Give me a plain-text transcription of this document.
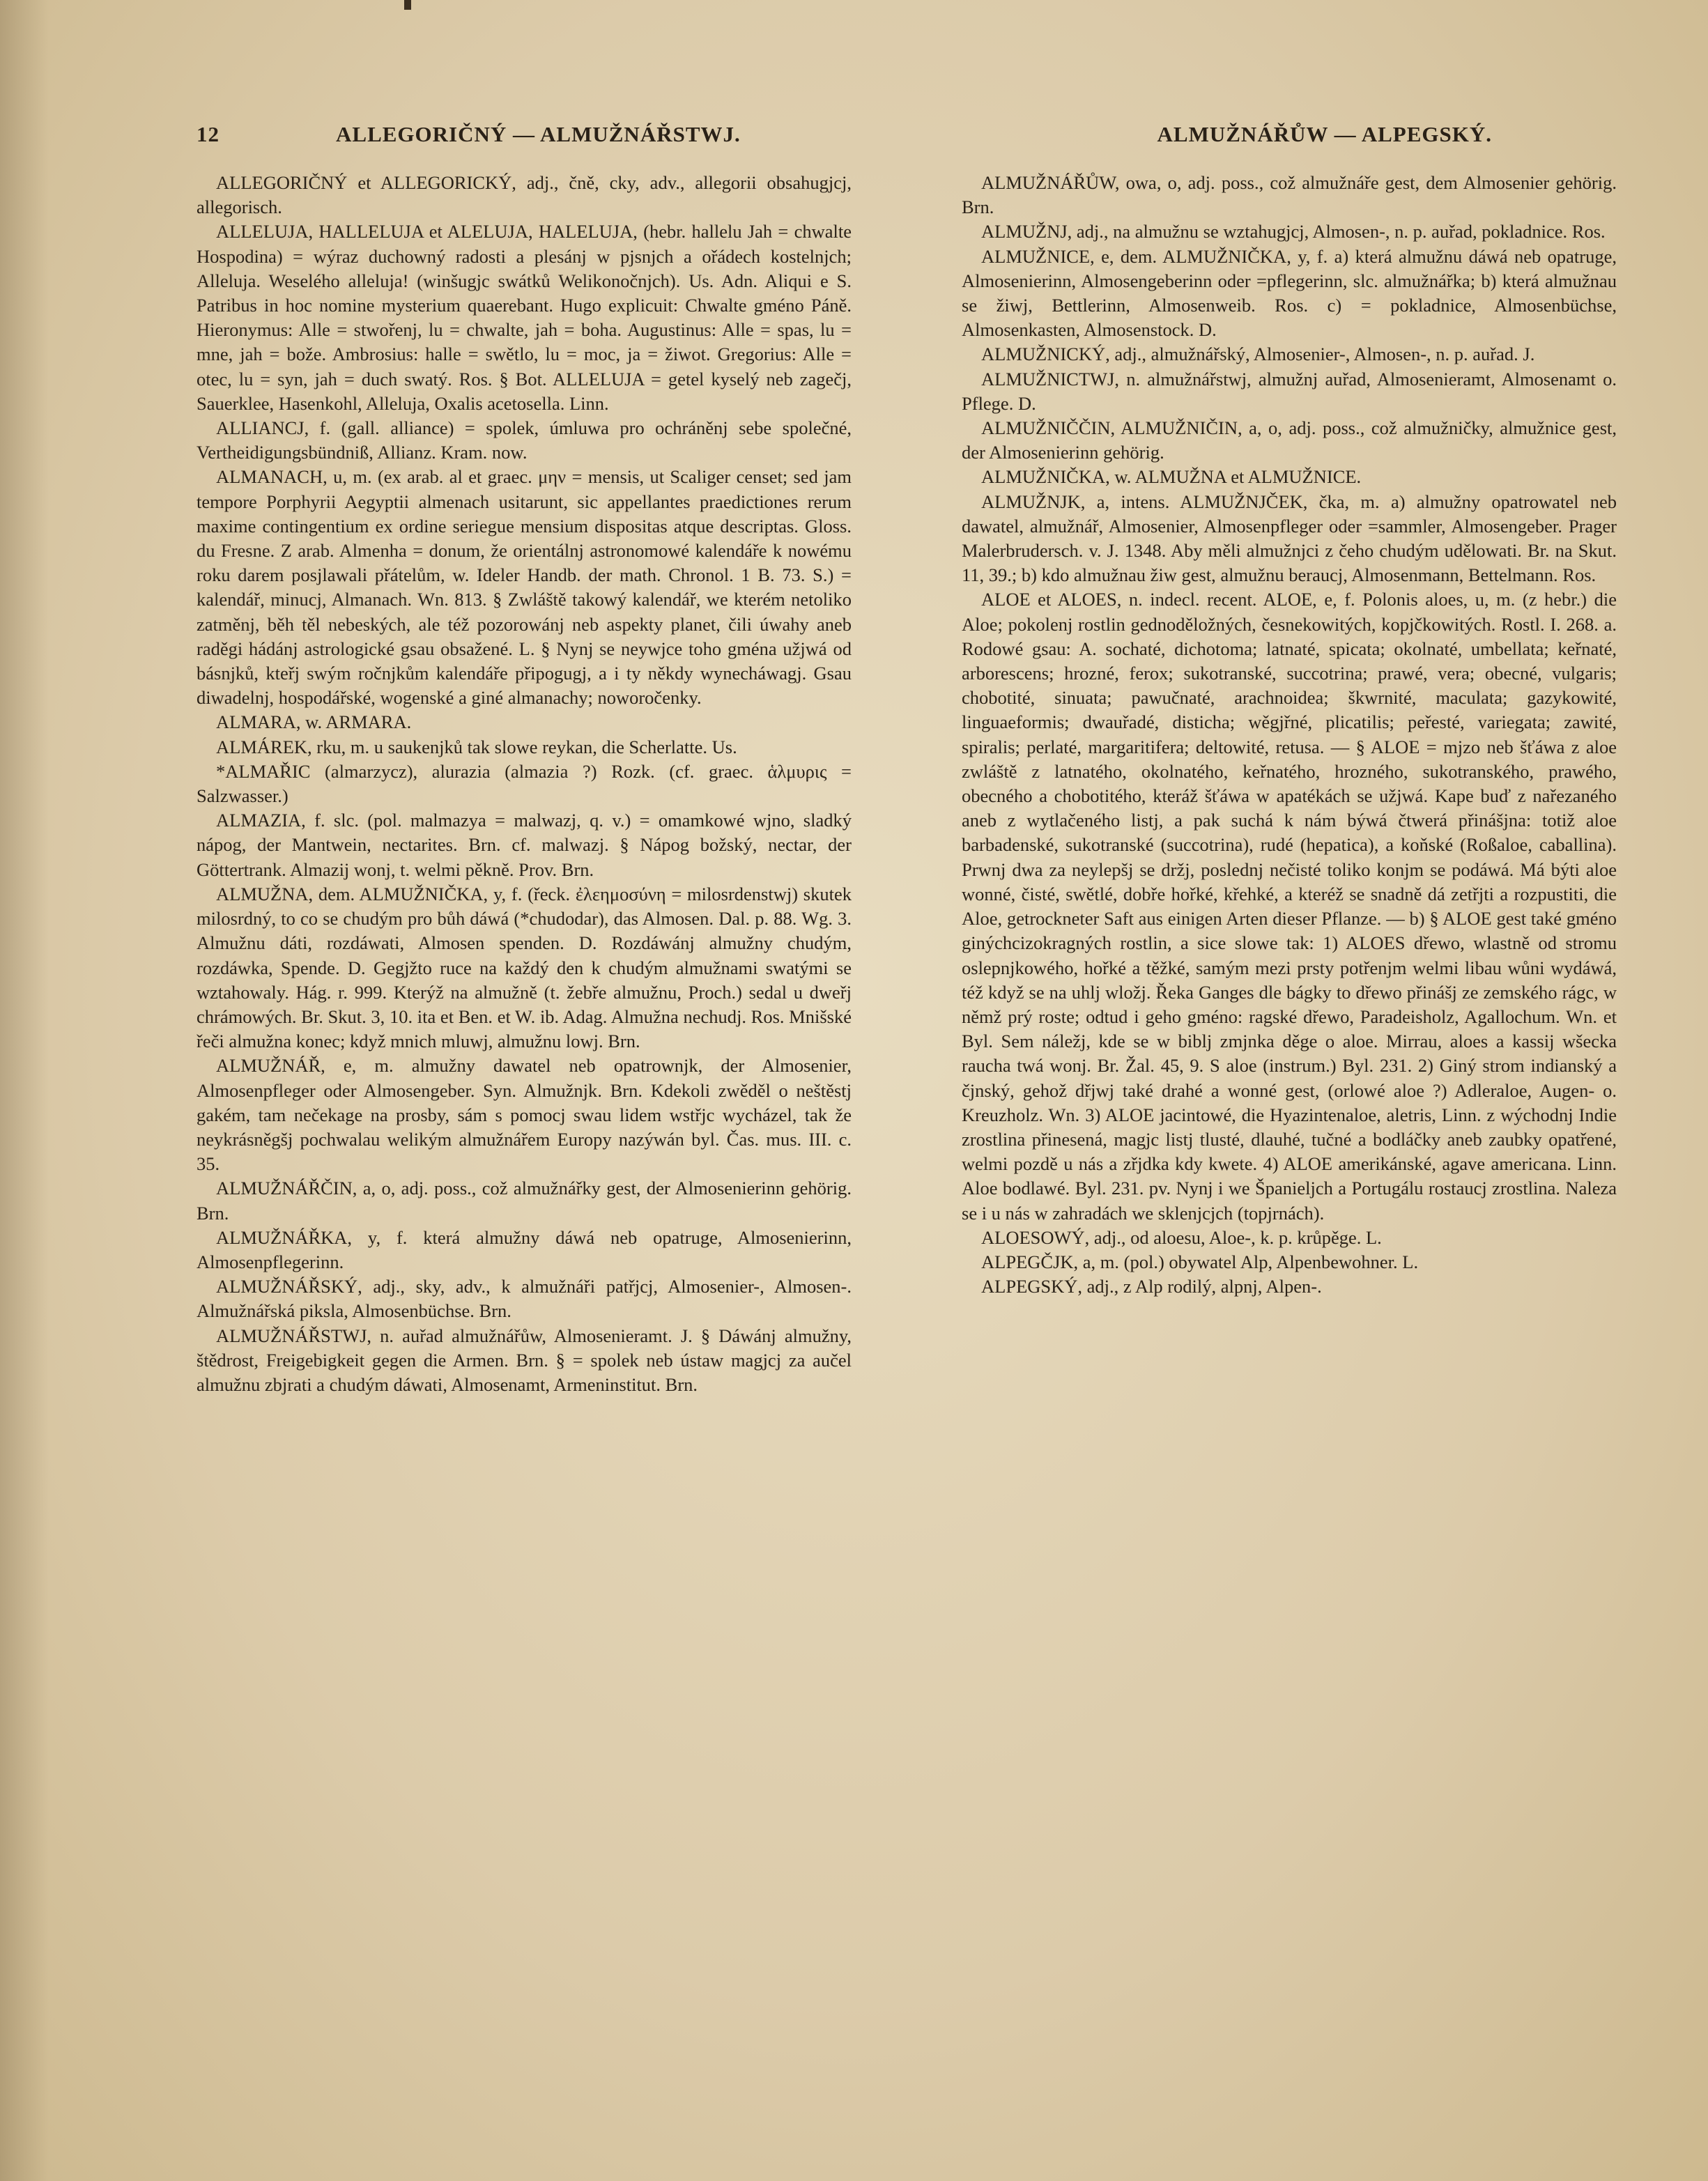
12	ALLEGORIČNÝ — ALMUŽNÁŘSTWJ.	ALMUŽNÁŘŮW — ALPEGSKÝ.

ALLEGORIČNÝ et ALLEGORICKÝ, adj., čně, cky, adv., allegorii obsahugjcj, allegorisch.

ALLELUJA, HALLELUJA et ALELUJA, HALELUJA, (hebr. hallelu Jah = chwalte Hospodina) = wýraz duchowný radosti a plesánj w pjsnjch a ořádech kostelnjch; Alleluja. Weselého alleluja! (winšugjc swátků Welikonočnjch). Us. Adn. Aliqui e S. Patribus in hoc nomine mysterium quaerebant. Hugo explicuit: Chwalte gméno Páně. Hieronymus: Alle = stwořenj, lu = chwalte, jah = boha. Augustinus: Alle = spas, lu = mne, jah = bože. Ambrosius: halle = swětlo, lu = moc, ja = žiwot. Gregorius: Alle = otec, lu = syn, jah = duch swatý. Ros. § Bot. ALLELUJA = getel kyselý neb zagečj, Sauerklee, Hasenkohl, Alleluja, Oxalis acetosella. Linn.

ALLIANCJ, f. (gall. alliance) = spolek, úmluwa pro ochráněnj sebe společné, Vertheidigungsbündniß, Allianz. Kram. now.

ALMANACH, u, m. (ex arab. al et graec. μην = mensis, ut Scaliger censet; sed jam tempore Porphyrii Aegyptii almenach usitarunt, sic appellantes praedictiones rerum maxime contingentium ex ordine seriegue mensium dispositas atque descriptas. Gloss. du Fresne. Z arab. Almenha = donum, že orientálnj astronomowé kalendáře k nowému roku darem posjlawali přátelům, w. Ideler Handb. der math. Chronol. 1 B. 73. S.) = kalendář, minucj, Almanach. Wn. 813. § Zwláště takowý kalendář, we kterém netoliko zatměnj, běh těl nebeských, ale též pozorowánj neb aspekty planet, čili úwahy aneb raděgi hádánj astrologické gsau obsažené. L. § Nynj se neywjce toho gména užjwá od básnjků, kteřj swým ročnjkům kalendáře připogugj, a i ty někdy wynecháwagj. Gsau diwadelnj, hospodářské, wogenské a giné almanachy; noworočenky.

ALMARA, w. ARMARA.

ALMÁREK, rku, m. u saukenjků tak slowe reykan, die Scherlatte. Us.

*ALMAŘIC (almarzycz), alurazia (almazia ?) Rozk. (cf. graec. ἁλμυρις = Salzwasser.)

ALMAZIA, f. slc. (pol. malmazya = malwazj, q. v.) = omamkowé wjno, sladký nápog, der Mantwein, nectarites. Brn. cf. malwazj. § Nápog božský, nectar, der Göttertrank. Almazij wonj, t. welmi pěkně. Prov. Brn.

ALMUŽNA, dem. ALMUŽNIČKA, y, f. (řeck. ἐλεημοσύνη = milosrdenstwj) skutek milosrdný, to co se chudým pro bůh dáwá (*chudodar), das Almosen. Dal. p. 88. Wg. 3. Almužnu dáti, rozdáwati, Almosen spenden. D. Rozdáwánj almužny chudým, rozdáwka, Spende. D. Gegjžto ruce na každý den k chudým almužnami swatými se wztahowaly. Hág. r. 999. Kterýž na almužně (t. žebře almužnu, Proch.) sedal u dweřj chrámowých. Br. Skut. 3, 10. ita et Ben. et W. ib. Adag. Almužna nechudj. Ros. Mnišské řeči almužna konec; když mnich mluwj, almužnu lowj. Brn.

ALMUŽNÁŘ, e, m. almužny dawatel neb opatrownjk, der Almosenier, Almosenpfleger oder Almosengeber. Syn. Almužnjk. Brn. Kdekoli zwěděl o neštěstj gakém, tam nečekage na prosby, sám s pomocj swau lidem wstřjc wycházel, tak že neykrásněgšj pochwalau welikým almužnářem Europy nazýwán byl. Čas. mus. III. c. 35.

ALMUŽNÁŘČIN, a, o, adj. poss., což almužnářky gest, der Almosenierinn gehörig. Brn.

ALMUŽNÁŘKA, y, f. která almužny dáwá neb opatruge, Almosenierinn, Almosenpflegerinn.

ALMUŽNÁŘSKÝ, adj., sky, adv., k almužnáři patřjcj, Almosenier-, Almosen-. Almužnářská piksla, Almosenbüchse. Brn.

ALMUŽNÁŘSTWJ, n. auřad almužnářůw, Almosenieramt. J. § Dáwánj almužny, štědrost, Freigebigkeit gegen die Armen. Brn. § = spolek neb ústaw magjcj za aučel almužnu zbjrati a chudým dáwati, Almosenamt, Armeninstitut. Brn.

ALMUŽNÁŘŮW, owa, o, adj. poss., což almužnáře gest, dem Almosenier gehörig. Brn.

ALMUŽNJ, adj., na almužnu se wztahugjcj, Almosen-, n. p. auřad, pokladnice. Ros.

ALMUŽNICE, e, dem. ALMUŽNIČKA, y, f. a) která almužnu dáwá neb opatruge, Almosenierinn, Almosengeberinn oder =pflegerinn, slc. almužnářka; b) která almužnau se žiwj, Bettlerinn, Almosenweib. Ros. c) = pokladnice, Almosenbüchse, Almosenkasten, Almosenstock. D.

ALMUŽNICKÝ, adj., almužnářský, Almosenier-, Almosen-, n. p. auřad. J.

ALMUŽNICTWJ, n. almužnářstwj, almužnj auřad, Almosenieramt, Almosenamt o. Pflege. D.

ALMUŽNIČČIN, ALMUŽNIČIN, a, o, adj. poss., což almužničky, almužnice gest, der Almosenierinn gehörig.

ALMUŽNIČKA, w. ALMUŽNA et ALMUŽNICE.

ALMUŽNJK, a, intens. ALMUŽNJČEK, čka, m. a) almužny opatrowatel neb dawatel, almužnář, Almosenier, Almosenpfleger oder =sammler, Almosengeber. Prager Malerbrudersch. v. J. 1348. Aby měli almužnjci z čeho chudým udělowati. Br. na Skut. 11, 39.; b) kdo almužnau žiw gest, almužnu beraucj, Almosenmann, Bettelmann. Ros.

ALOE et ALOES, n. indecl. recent. ALOE, e, f. Polonis aloes, u, m. (z hebr.) die Aloe; pokolenj rostlin gednoděložných, česnekowitých, kopjčkowitých. Rostl. I. 268. a. Rodowé gsau: A. sochaté, dichotoma; latnaté, spicata; okolnaté, umbellata; keřnaté, arborescens; hrozné, ferox; sukotranské, succotrina; prawé, vera; obecné, vulgaris; chobotité, sinuata; pawučnaté, arachnoidea; škwrnité, maculata; gazykowité, linguaeformis; dwauřadé, disticha; wěgjřné, plicatilis; peřesté, variegata; zawité, spiralis; perlaté, margaritifera; deltowité, retusa. — § ALOE = mjzo neb šťáwa z aloe zwláště z latnatého, okolnatého, keřnatého, hrozného, sukotranského, prawého, obecného a chobotitého, kteráž šťáwa w apatékách se užjwá. Kape buď z nařezaného aneb z wytlačeného listj, a pak suchá k nám býwá čtwerá přinášjna: totiž aloe barbadenské, sukotranské (succotrina), rudé (hepatica), a koňské (Roßaloe, caballina). Prwnj dwa za neylepšj se držj, poslednj nečisté toliko konjm se podáwá. Má býti aloe wonné, čisté, swětlé, dobře hořké, křehké, a kteréž se snadně dá zetřjti a rozpustiti, die Aloe, getrockneter Saft aus einigen Arten dieser Pflanze. — b) § ALOE gest také gméno ginýchcizokragných rostlin, a sice slowe tak: 1) ALOES dřewo, wlastně od stromu oslepnjkowého, hořké a těžké, samým mezi prsty potřenjm welmi libau wůni wydáwá, též když se na uhlj wložj. Řeka Ganges dle bágky to dřewo přinášj ze zemského rágc, w němž prý roste; odtud i geho gméno: ragské dřewo, Paradeisholz, Agallochum. Wn. et Byl. Sem náležj, kde se w biblj zmjnka děge o aloe. Mirrau, aloes a kassij wšecka raucha twá wonj. Br. Žal. 45, 9. S aloe (instrum.) Byl. 231. 2) Giný strom indianský a čjnský, gehož dřjwj také drahé a wonné gest, (orlowé aloe ?) Adleraloe, Augen- o. Kreuzholz. Wn. 3) ALOE jacintowé, die Hyazintenaloe, aletris, Linn. z wýchodnj Indie zrostlina přinesená, magjc listj tlusté, dlauhé, tučné a bodláčky aneb zaubky opatřené, welmi pozdě u nás a zřjdka kdy kwete. 4) ALOE amerikánské, agave americana. Linn. Aloe bodlawé. Byl. 231. pv. Nynj i we Španieljch a Portugálu rostaucj zrostlina. Naleza se i u nás w zahradách we sklenjcjch (topjrnách).

ALOESOWÝ, adj., od aloesu, Aloe-, k. p. krůpěge. L.

ALPEGČJK, a, m. (pol.) obywatel Alp, Alpenbewohner. L.

ALPEGSKÝ, adj., z Alp rodilý, alpnj, Alpen-.
